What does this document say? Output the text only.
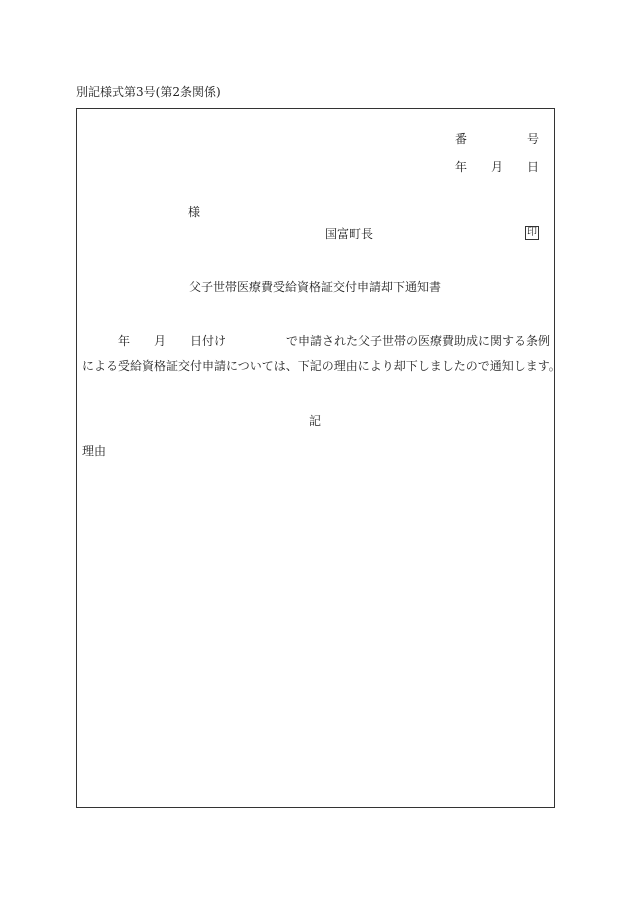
別記様式第3号(第2条関係)
番	号
年 月 日
様
国富町長	印
父子世帯医療費受給資格証交付申請却下通知書
年 月 日付け	で申請された父子世帯の医療費助成に関する条例
による受給資格証交付申請については、下記の理由により却下しましたので通知します。
記
理由
